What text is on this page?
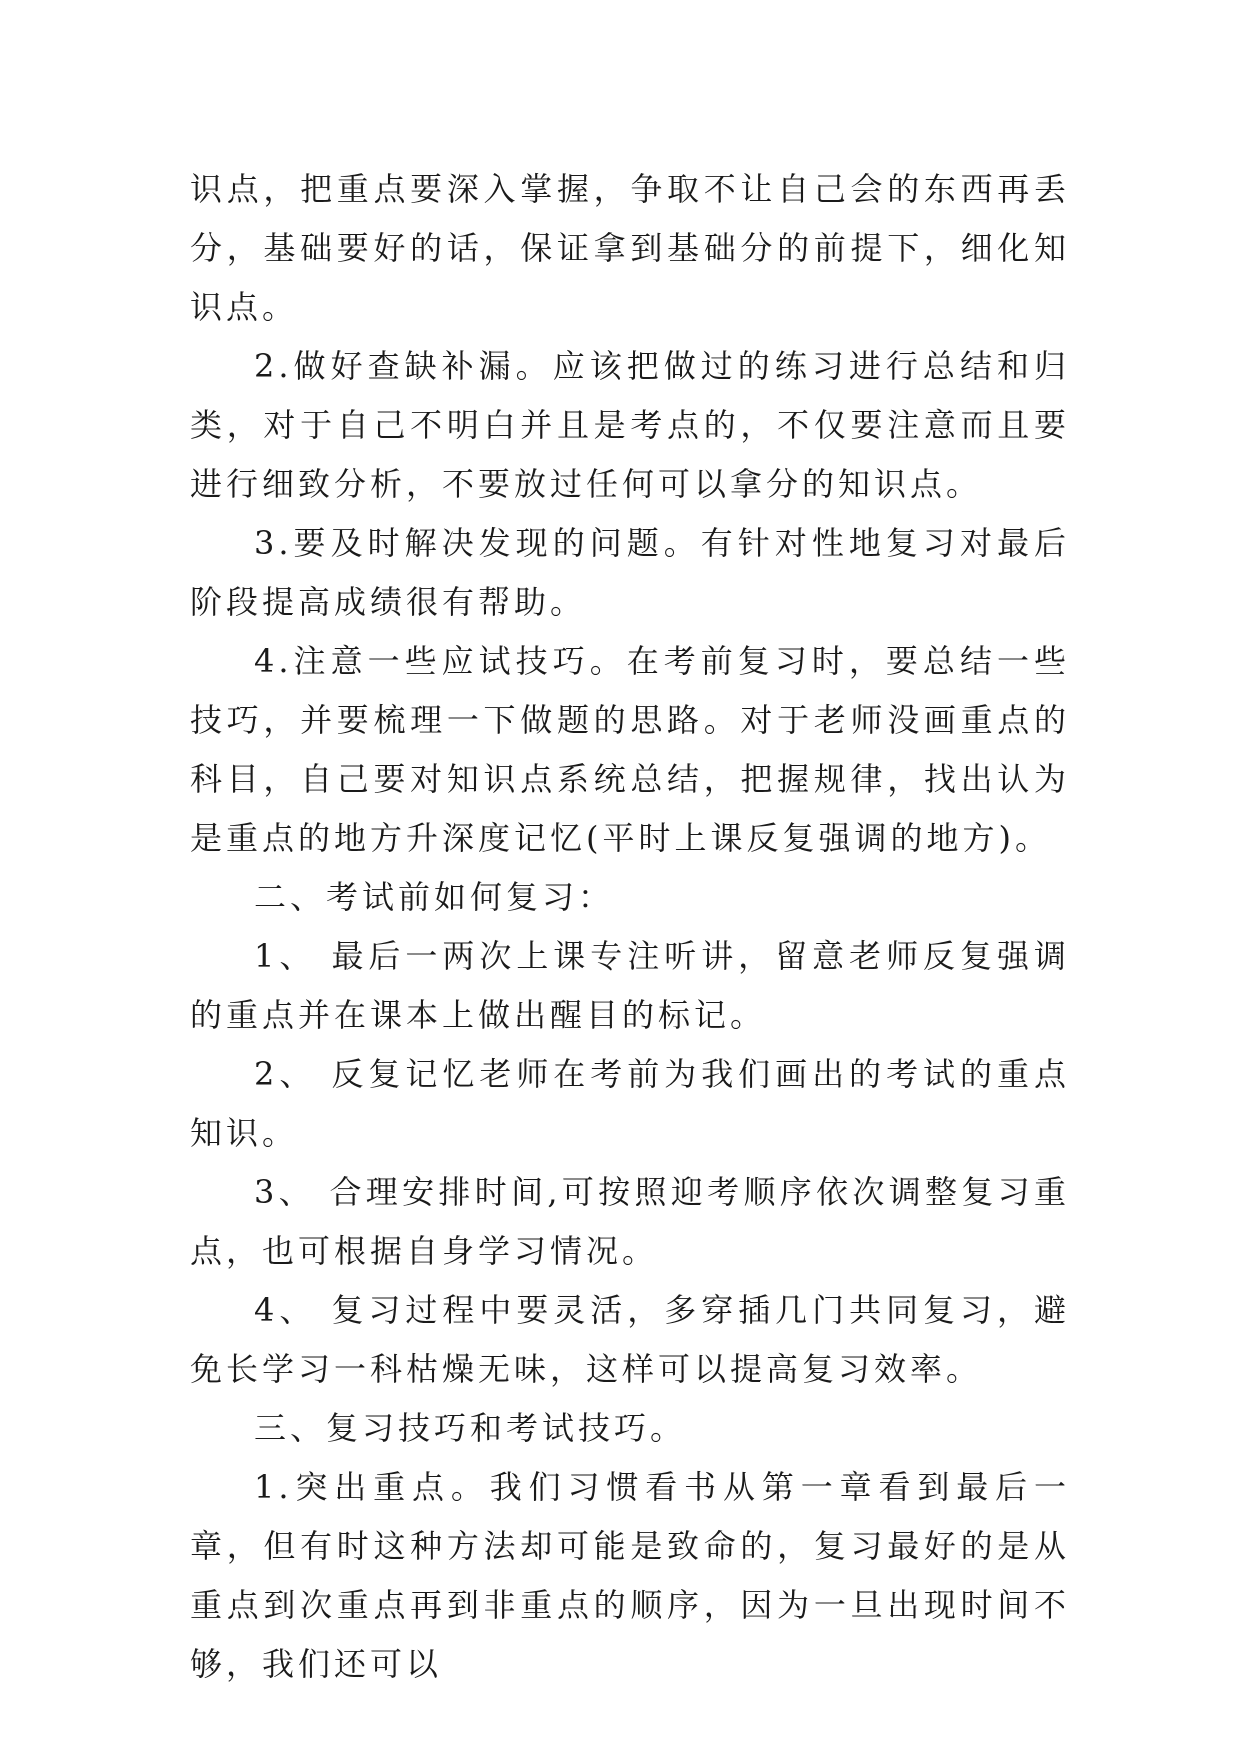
识点，把重点要深入掌握，争取不让自己会的东西再丢分，基础要好的话，保证拿到基础分的前提下，细化知识点。

2.做好查缺补漏。应该把做过的练习进行总结和归类，对于自己不明白并且是考点的，不仅要注意而且要进行细致分析，不要放过任何可以拿分的知识点。

3.要及时解决发现的问题。有针对性地复习对最后阶段提高成绩很有帮助。

4.注意一些应试技巧。在考前复习时，要总结一些技巧，并要梳理一下做题的思路。对于老师没画重点的科目，自己要对知识点系统总结，把握规律，找出认为是重点的地方升深度记忆(平时上课反复强调的地方)。

二、考试前如何复习：

1、 最后一两次上课专注听讲，留意老师反复强调的重点并在课本上做出醒目的标记。

2、 反复记忆老师在考前为我们画出的考试的重点知识。

3、 合理安排时间,可按照迎考顺序依次调整复习重点，也可根据自身学习情况。

4、 复习过程中要灵活，多穿插几门共同复习，避免长学习一科枯燥无味，这样可以提高复习效率。

三、复习技巧和考试技巧。

1.突出重点。我们习惯看书从第一章看到最后一章，但有时这种方法却可能是致命的，复习最好的是从重点到次重点再到非重点的顺序，因为一旦出现时间不够，我们还可以
